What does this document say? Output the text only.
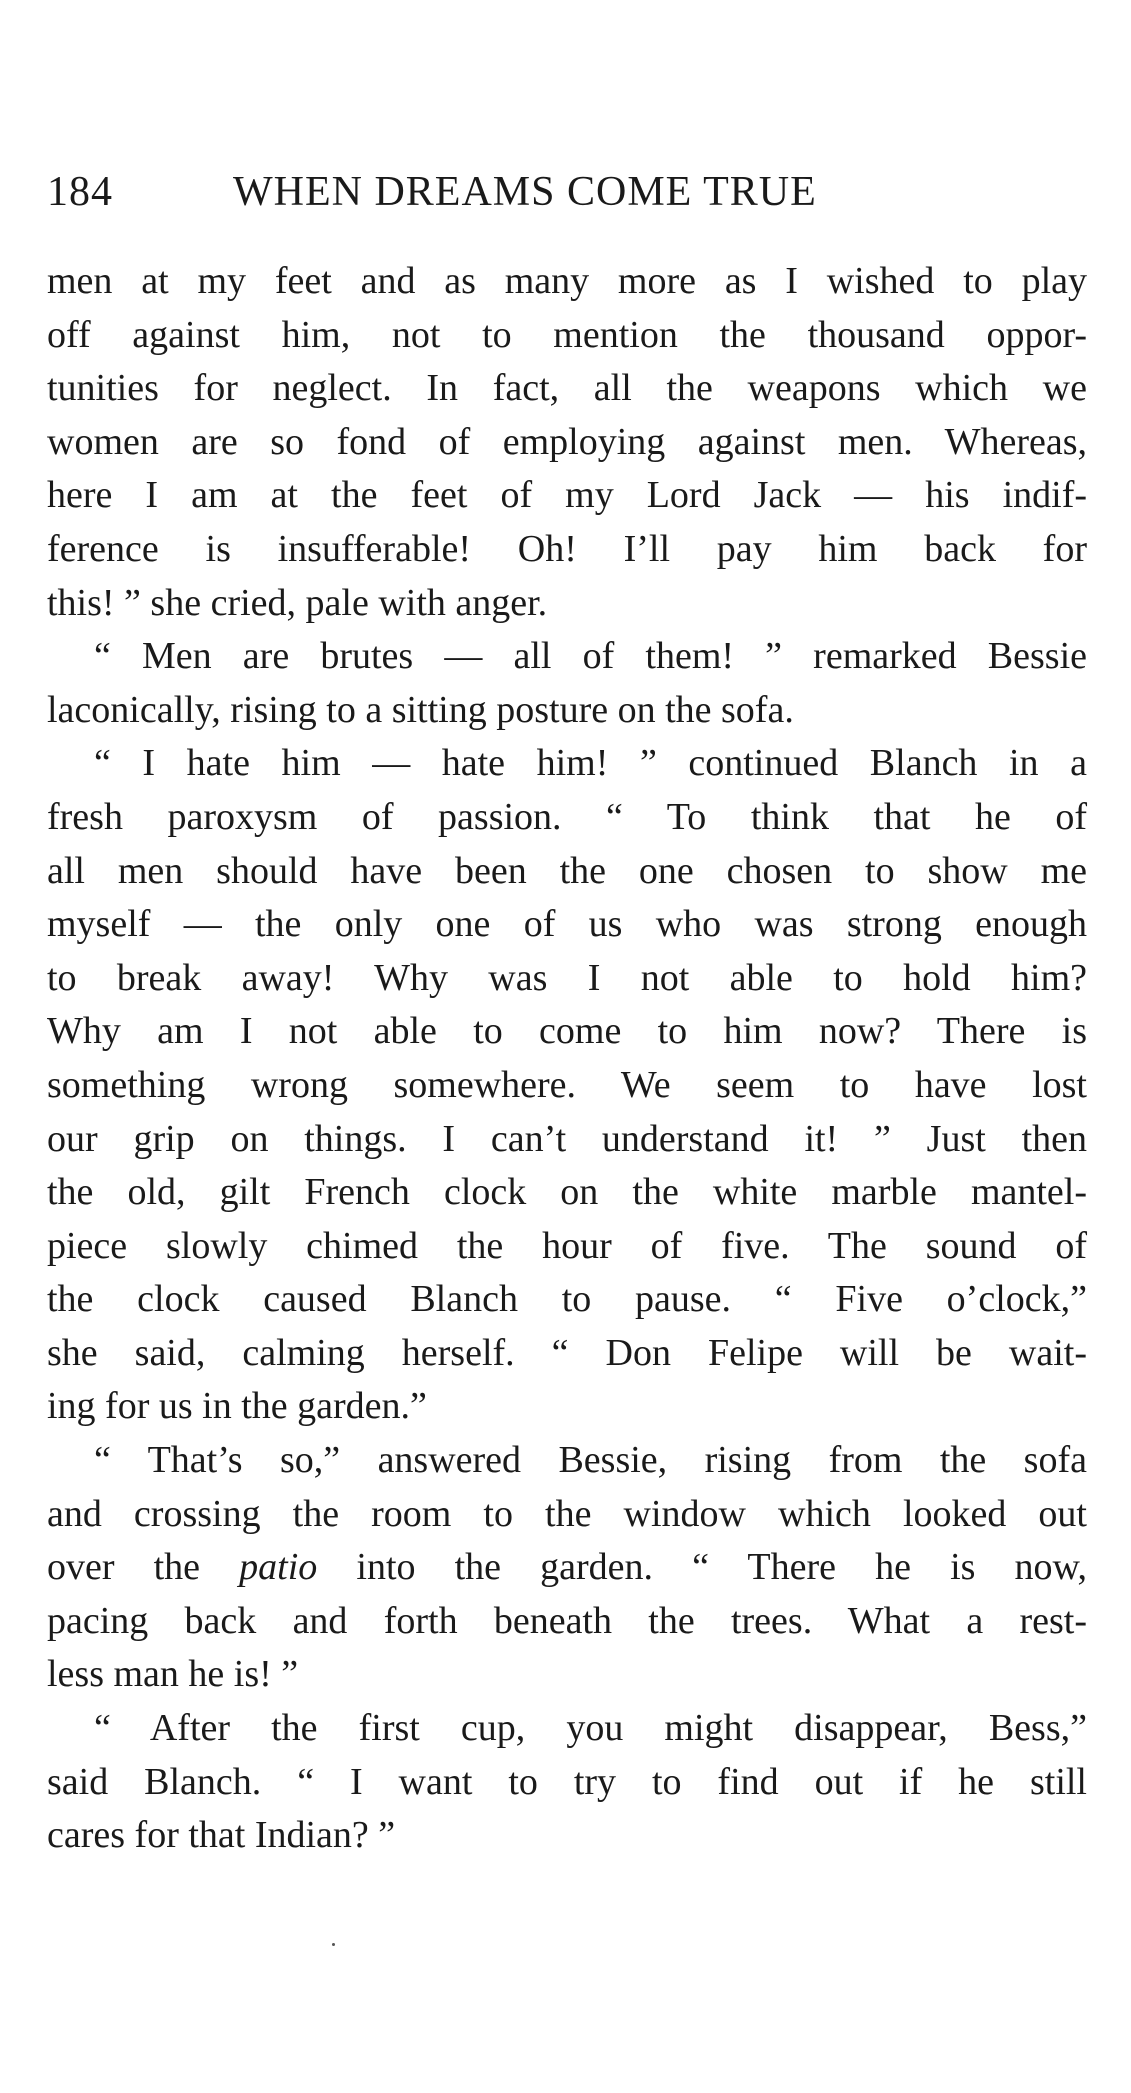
184	WHEN DREAMS COME TRUE
men at my feet and as many more as I wished to play
off against him, not to mention the thousand oppor-
tunities for neglect. In fact, all the weapons which we
women are so fond of employing against men. Whereas,
here I am at the feet of my Lord Jack — his indif-
ference is insufferable! Oh! I’ll pay him back for
this! ” she cried, pale with anger.
“ Men are brutes — all of them! ” remarked Bessie
laconically, rising to a sitting posture on the sofa.
“ I hate him — hate him! ” continued Blanch in a
fresh paroxysm of passion. “ To think that he of
all men should have been the one chosen to show me
myself — the only one of us who was strong enough
to break away! Why was I not able to hold him?
Why am I not able to come to him now? There is
something wrong somewhere. We seem to have lost
our grip on things. I can’t understand it! ” Just then
the old, gilt French clock on the white marble mantel-
piece slowly chimed the hour of five. The sound of
the clock caused Blanch to pause. “ Five o’clock,”
she said, calming herself. “ Don Felipe will be wait-
ing for us in the garden.”
“ That’s so,” answered Bessie, rising from the sofa
and crossing the room to the window which looked out
over the patio into the garden. “ There he is now,
pacing back and forth beneath the trees. What a rest-
less man he is! ”
“ After the first cup, you might disappear, Bess,”
said Blanch. “ I want to try to find out if he still
cares for that Indian? ”
